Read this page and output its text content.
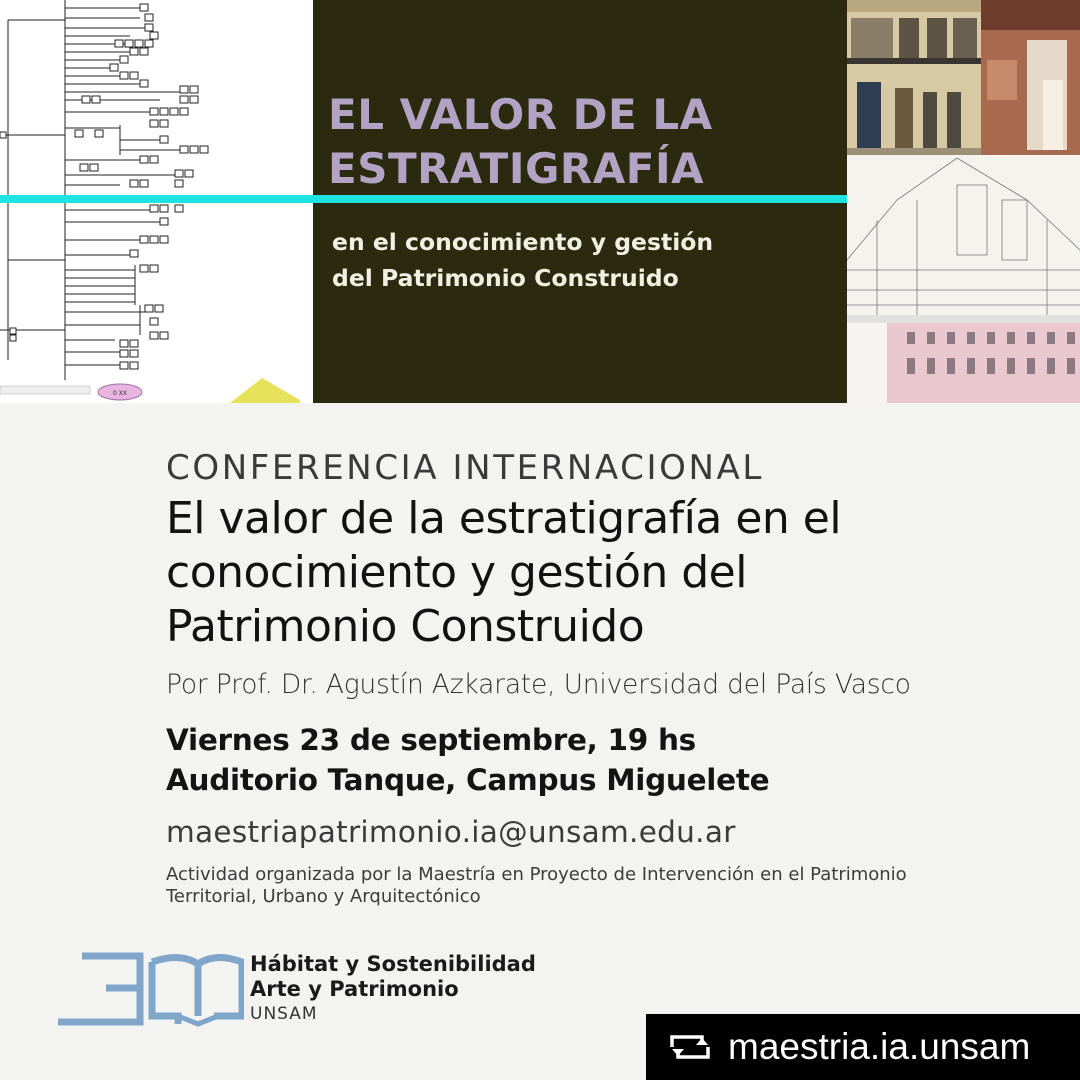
0 XX
EL VALOR DE LA
ESTRATIGRAFÍA

en el conocimiento y gestión
del Patrimonio Construido

CONFERENCIA INTERNACIONAL

El valor de la estratigrafía en el
conocimiento y gestión del
Patrimonio Construido

Por Prof. Dr. Agustín Azkarate, Universidad del País Vasco

Viernes 23 de septiembre, 19 hs
Auditorio Tanque, Campus Miguelete

maestriapatrimonio.ia@unsam.edu.ar

Actividad organizada por la Maestría en Proyecto de Intervención en el Patrimonio
Territorial, Urbano y Arquitectónico

Hábitat y Sostenibilidad
Arte y Patrimonio
UNSAM
maestria.ia.unsam
